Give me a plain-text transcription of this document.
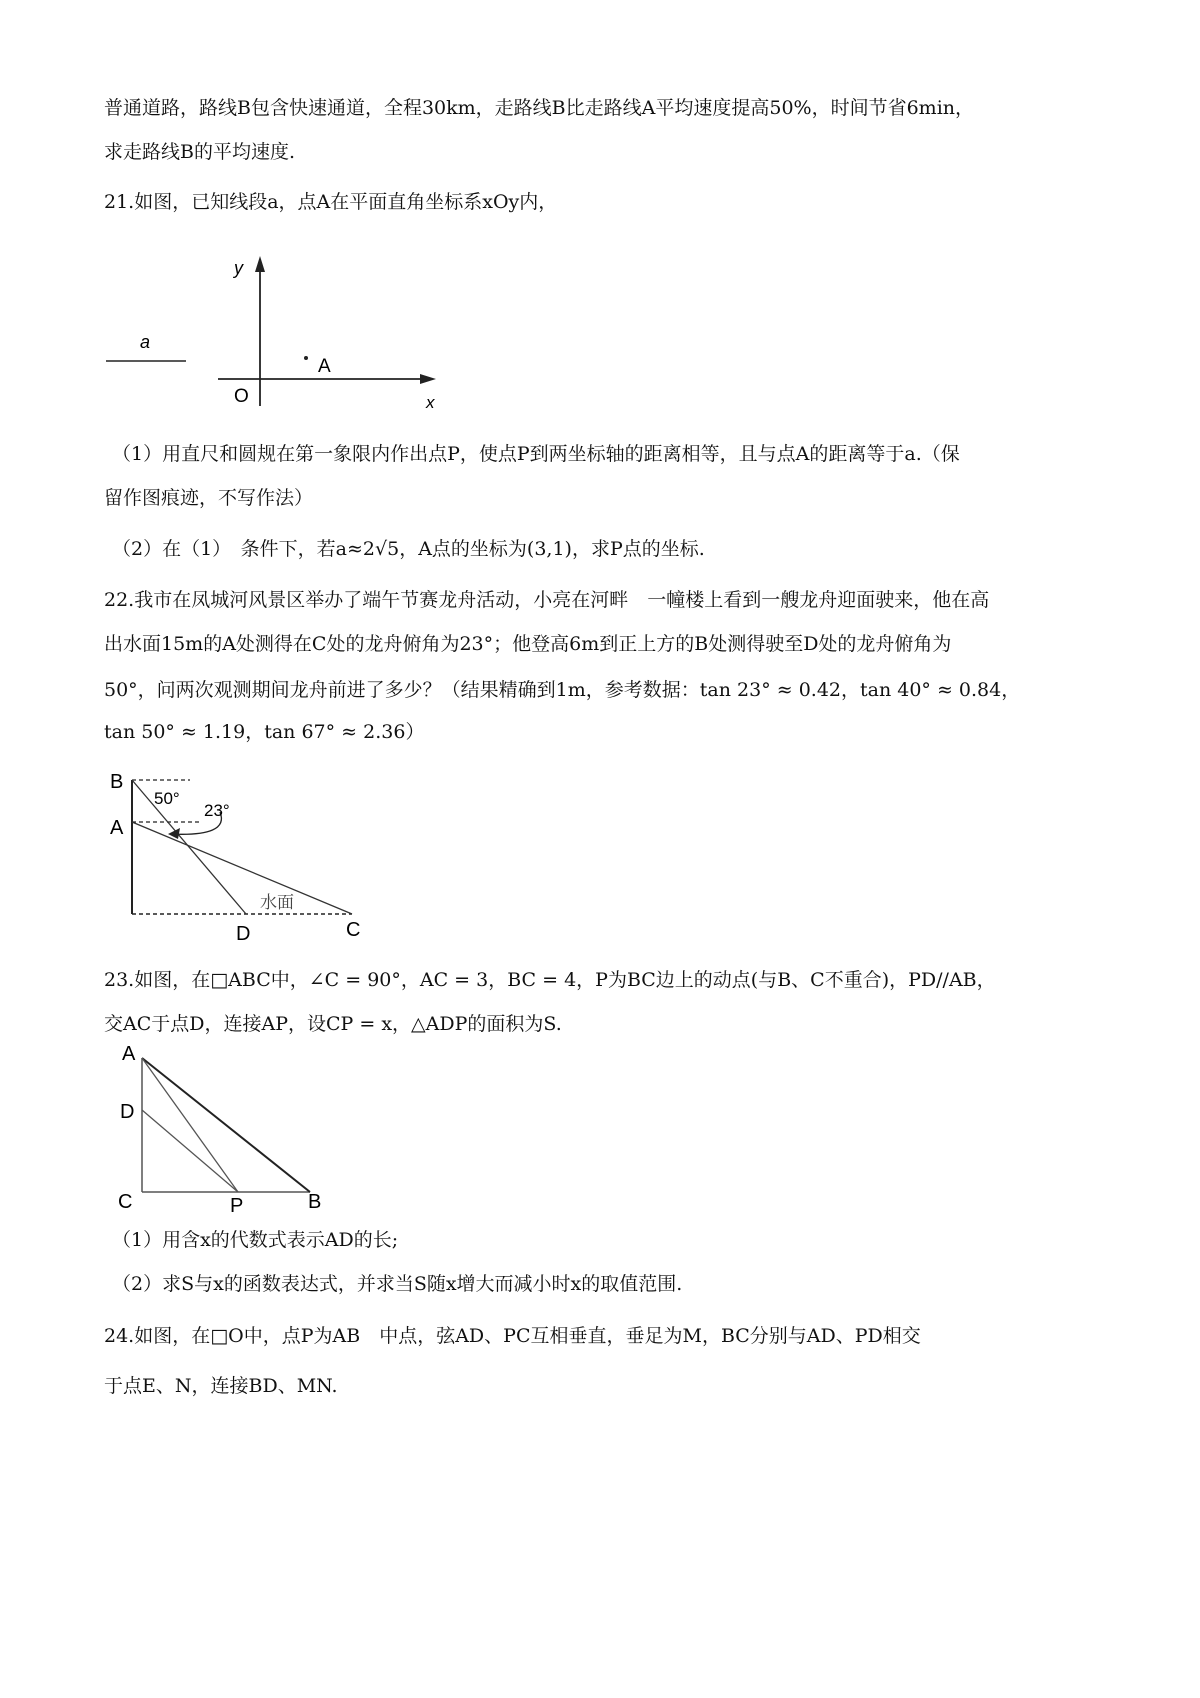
普通道路，路线B包含快速通道，全程30km，走路线B比走路线A平均速度提高50%，时间节省6min，
求走路线B的平均速度.
21.如图，已知线段a，点A在平面直角坐标系xOy内，
a
y
x
O
A
（1）用直尺和圆规在第一象限内作出点P，使点P到两坐标轴的距离相等，且与点A的距离等于a.（保
留作图痕迹，不写作法）
（2）在（1）　条件下，若a≈2√5，A点的坐标为(3,1)，求P点的坐标.
22.我市在凤城河风景区举办了端午节赛龙舟活动，小亮在河畔　一幢楼上看到一艘龙舟迎面驶来，他在高
出水面15m的A处测得在C处的龙舟俯角为23°；他登高6m到正上方的B处测得驶至D处的龙舟俯角为
50°，问两次观测期间龙舟前进了多少？（结果精确到1m，参考数据：tan 23° ≈ 0.42，tan 40° ≈ 0.84，
tan 50° ≈ 1.19，tan 67° ≈ 2.36）
B
A
D	C
50°
23°
水面
23.如图，在□ABC中，∠C = 90°，AC = 3，BC = 4，P为BC边上的动点(与B、C不重合)，PD//AB，
交AC于点D，连接AP，设CP = x，△ADP的面积为S.
A
D
C	P	B
（1）用含x的代数式表示AD的长;
（2）求S与x的函数表达式，并求当S随x增大而减小时x的取值范围.
24.如图，在□O中，点P为AB　中点，弦AD、PC互相垂直，垂足为M，BC分别与AD、PD相交
于点E、N，连接BD、MN.
